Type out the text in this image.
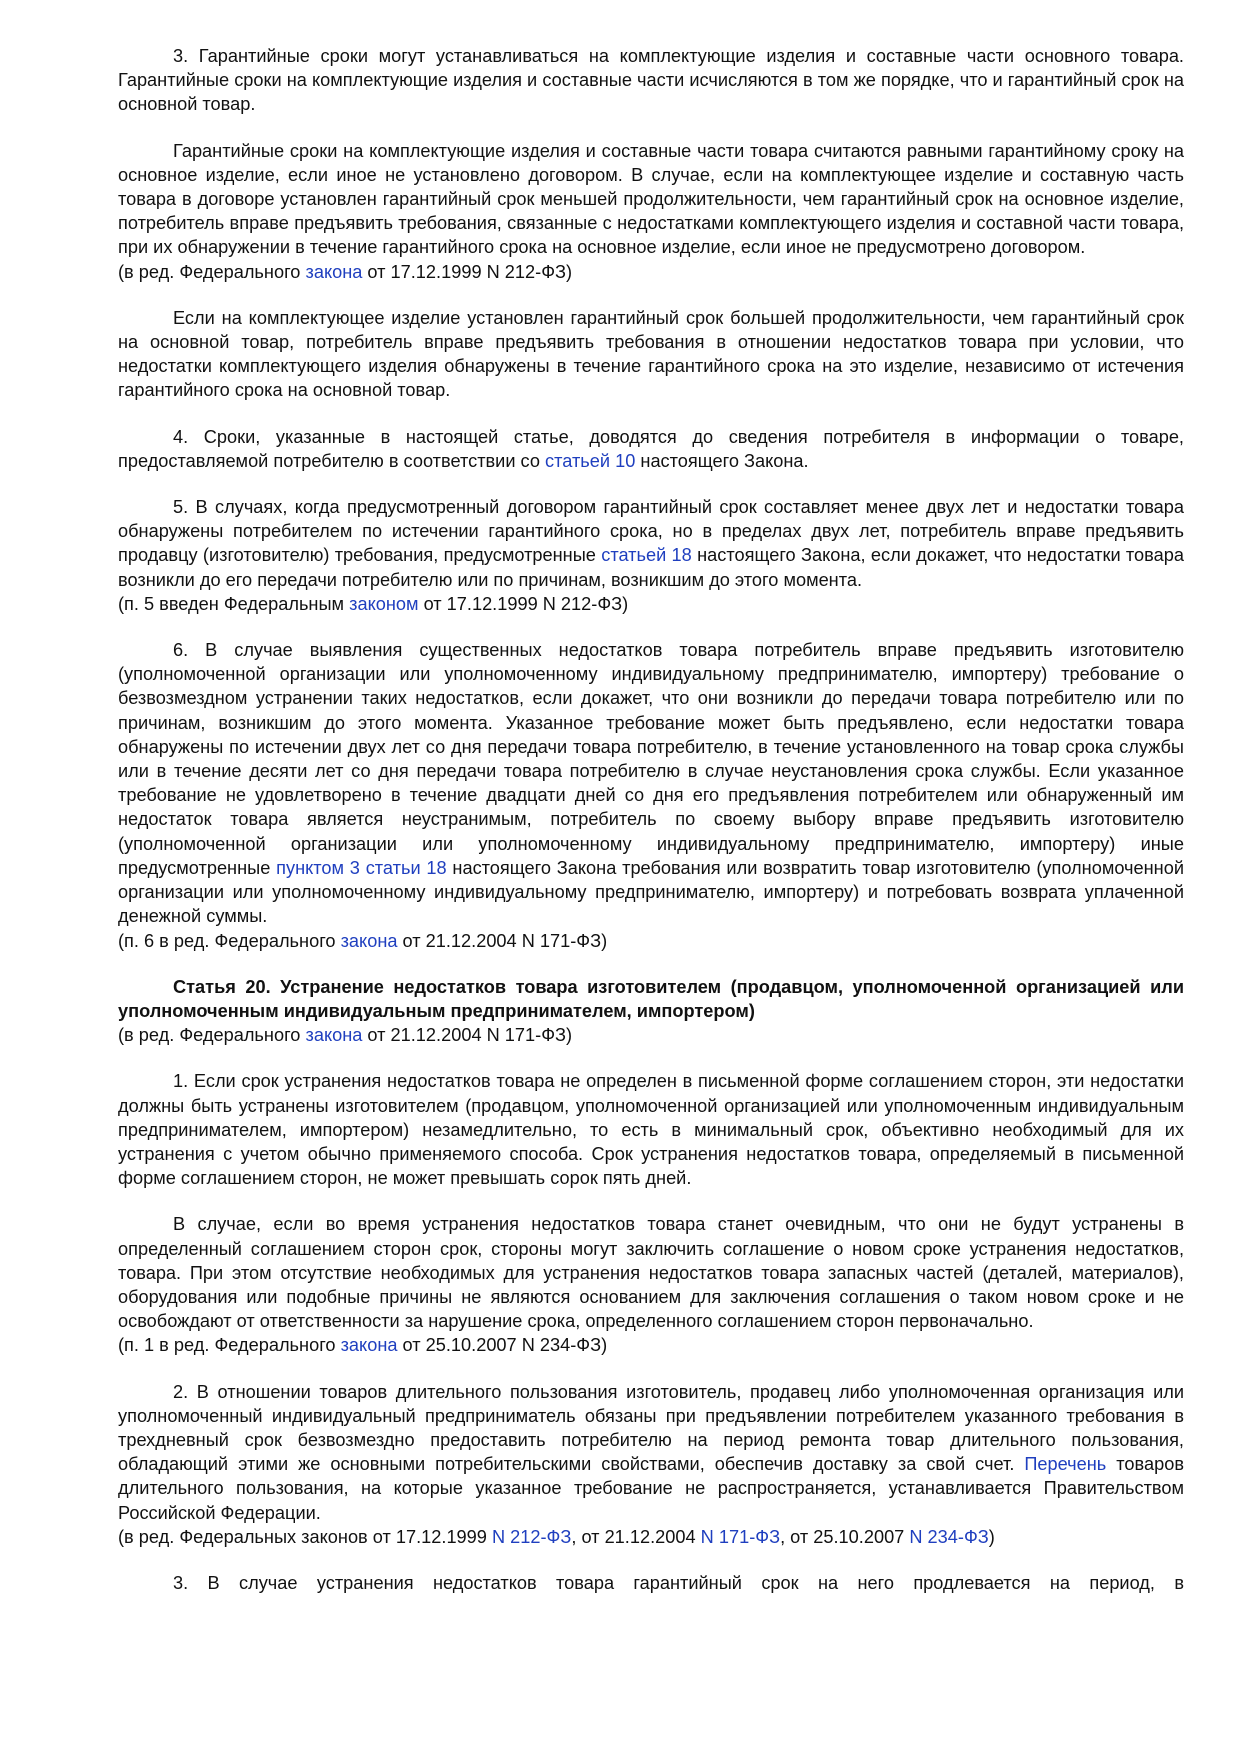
3. Гарантийные сроки могут устанавливаться на комплектующие изделия и составные части основного товара. Гарантийные сроки на комплектующие изделия и составные части исчисляются в том же порядке, что и гарантийный срок на основной товар.

Гарантийные сроки на комплектующие изделия и составные части товара считаются равными гарантийному сроку на основное изделие, если иное не установлено договором. В случае, если на комплектующее изделие и составную часть товара в договоре установлен гарантийный срок меньшей продолжительности, чем гарантийный срок на основное изделие, потребитель вправе предъявить требования, связанные с недостатками комплектующего изделия и составной части товара, при их обнаружении в течение гарантийного срока на основное изделие, если иное не предусмотрено договором.

(в ред. Федерального закона от 17.12.1999 N 212-ФЗ)

Если на комплектующее изделие установлен гарантийный срок большей продолжительности, чем гарантийный срок на основной товар, потребитель вправе предъявить требования в отношении недостатков товара при условии, что недостатки комплектующего изделия обнаружены в течение гарантийного срока на это изделие, независимо от истечения гарантийного срока на основной товар.

4. Сроки, указанные в настоящей статье, доводятся до сведения потребителя в информации о товаре, предоставляемой потребителю в соответствии со статьей 10 настоящего Закона.

5. В случаях, когда предусмотренный договором гарантийный срок составляет менее двух лет и недостатки товара обнаружены потребителем по истечении гарантийного срока, но в пределах двух лет, потребитель вправе предъявить продавцу (изготовителю) требования, предусмотренные статьей 18 настоящего Закона, если докажет, что недостатки товара возникли до его передачи потребителю или по причинам, возникшим до этого момента.

(п. 5 введен Федеральным законом от 17.12.1999 N 212-ФЗ)

6. В случае выявления существенных недостатков товара потребитель вправе предъявить изготовителю (уполномоченной организации или уполномоченному индивидуальному предпринимателю, импортеру) требование о безвозмездном устранении таких недостатков, если докажет, что они возникли до передачи товара потребителю или по причинам, возникшим до этого момента. Указанное требование может быть предъявлено, если недостатки товара обнаружены по истечении двух лет со дня передачи товара потребителю, в течение установленного на товар срока службы или в течение десяти лет со дня передачи товара потребителю в случае неустановления срока службы. Если указанное требование не удовлетворено в течение двадцати дней со дня его предъявления потребителем или обнаруженный им недостаток товара является неустранимым, потребитель по своему выбору вправе предъявить изготовителю (уполномоченной организации или уполномоченному индивидуальному предпринимателю, импортеру) иные предусмотренные пунктом 3 статьи 18 настоящего Закона требования или возвратить товар изготовителю (уполномоченной организации или уполномоченному индивидуальному предпринимателю, импортеру) и потребовать возврата уплаченной денежной суммы.

(п. 6 в ред. Федерального закона от 21.12.2004 N 171-ФЗ)

Статья 20. Устранение недостатков товара изготовителем (продавцом, уполномоченной организацией или уполномоченным индивидуальным предпринимателем, импортером)

(в ред. Федерального закона от 21.12.2004 N 171-ФЗ)

1. Если срок устранения недостатков товара не определен в письменной форме соглашением сторон, эти недостатки должны быть устранены изготовителем (продавцом, уполномоченной организацией или уполномоченным индивидуальным предпринимателем, импортером) незамедлительно, то есть в минимальный срок, объективно необходимый для их устранения с учетом обычно применяемого способа. Срок устранения недостатков товара, определяемый в письменной форме соглашением сторон, не может превышать сорок пять дней.

В случае, если во время устранения недостатков товара станет очевидным, что они не будут устранены в определенный соглашением сторон срок, стороны могут заключить соглашение о новом сроке устранения недостатков, товара. При этом отсутствие необходимых для устранения недостатков товара запасных частей (деталей, материалов), оборудования или подобные причины не являются основанием для заключения соглашения о таком новом сроке и не освобождают от ответственности за нарушение срока, определенного соглашением сторон первоначально.

(п. 1 в ред. Федерального закона от 25.10.2007 N 234-ФЗ)

2. В отношении товаров длительного пользования изготовитель, продавец либо уполномоченная организация или уполномоченный индивидуальный предприниматель обязаны при предъявлении потребителем указанного требования в трехдневный срок безвозмездно предоставить потребителю на период ремонта товар длительного пользования, обладающий этими же основными потребительскими свойствами, обеспечив доставку за свой счет. Перечень товаров длительного пользования, на которые указанное требование не распространяется, устанавливается Правительством Российской Федерации.

(в ред. Федеральных законов от 17.12.1999 N 212-ФЗ, от 21.12.2004 N 171-ФЗ, от 25.10.2007 N 234-ФЗ)

3. В случае устранения недостатков товара гарантийный срок на него продлевается на период, в
